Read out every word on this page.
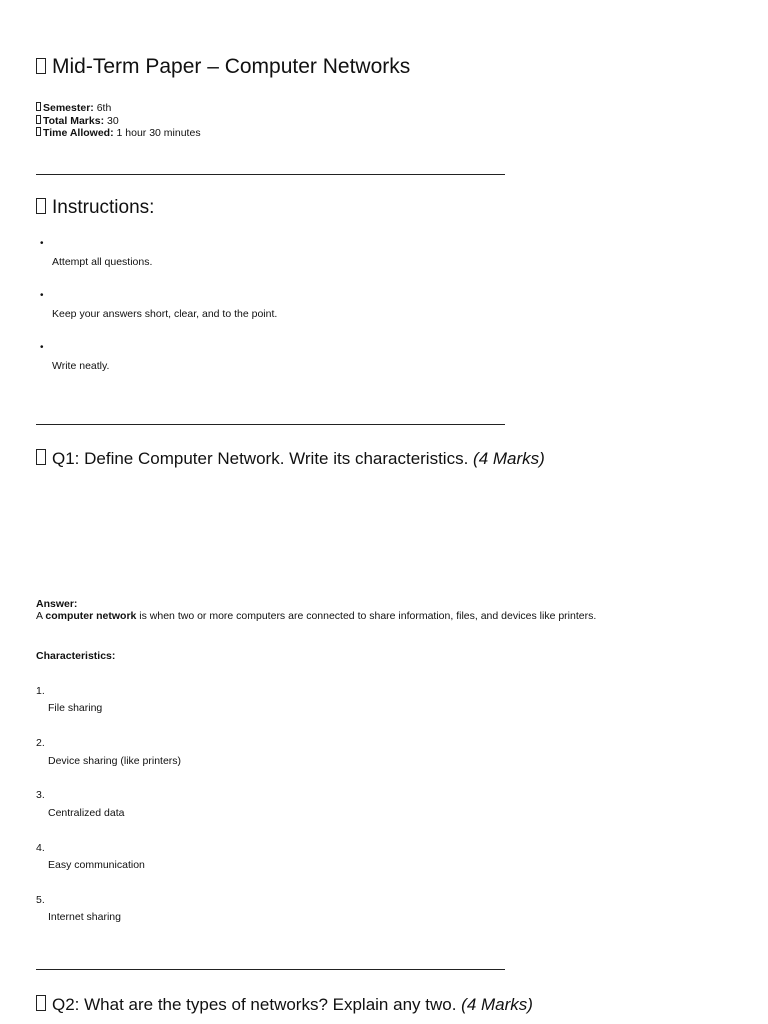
Mid-Term Paper – Computer Networks
Semester: 6th
Total Marks: 30
Time Allowed: 1 hour 30 minutes
Instructions:
•
Attempt all questions.
•
Keep your answers short, clear, and to the point.
•
Write neatly.
Q1: Define Computer Network. Write its characteristics. (4 Marks)
Answer:
A computer network is when two or more computers are connected to share information, files, and devices like printers.
Characteristics:
1.
File sharing
2.
Device sharing (like printers)
3.
Centralized data
4.
Easy communication
5.
Internet sharing
Q2: What are the types of networks? Explain any two. (4 Marks)
